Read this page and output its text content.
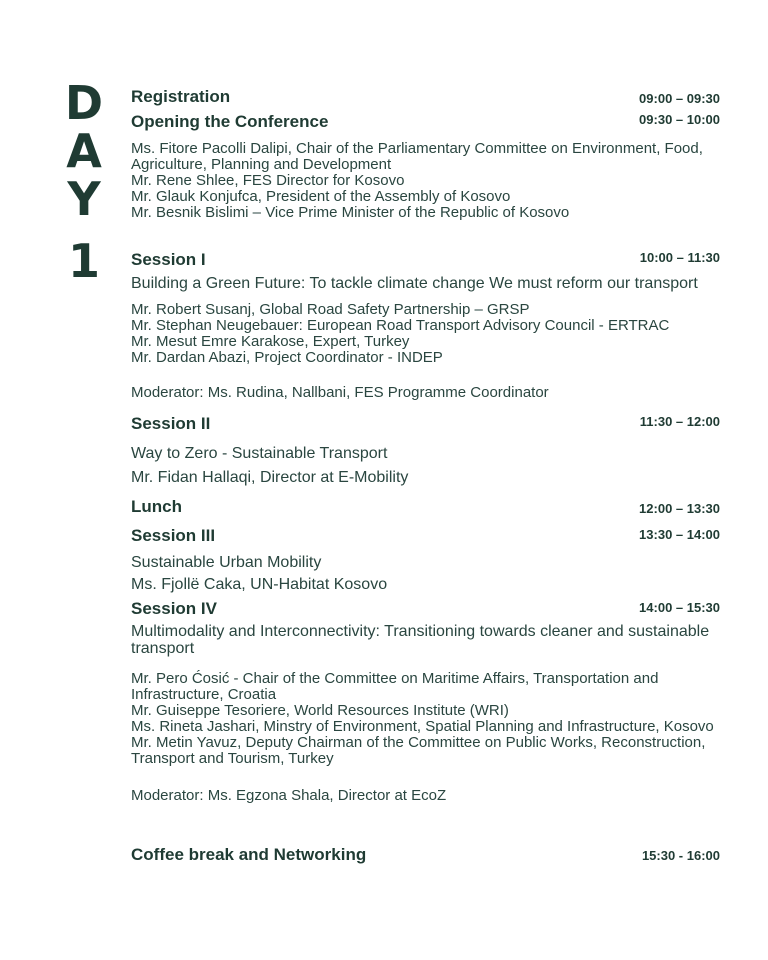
D
A
Y
1
Registration	09:00 – 09:30
Opening the Conference	09:30 – 10:00
Ms. Fitore Pacolli Dalipi, Chair of the Parliamentary Committee on Environment, Food,
Agriculture, Planning and Development
Mr. Rene Shlee, FES Director for Kosovo
Mr. Glauk Konjufca, President of the Assembly of Kosovo
Mr. Besnik Bislimi – Vice Prime Minister of the Republic of Kosovo
Session I	10:00 – 11:30
Building a Green Future: To tackle climate change We must reform our transport
Mr. Robert Susanj, Global Road Safety Partnership – GRSP
Mr. Stephan Neugebauer: European Road Transport Advisory Council - ERTRAC
Mr. Mesut Emre Karakose, Expert, Turkey
Mr. Dardan Abazi, Project Coordinator - INDEP
Moderator: Ms. Rudina, Nallbani, FES Programme Coordinator
Session II	11:30 – 12:00
Way to Zero - Sustainable Transport
Mr. Fidan Hallaqi, Director at E-Mobility
Lunch	12:00 – 13:30
Session III	13:30 – 14:00
Sustainable Urban Mobility
Ms. Fjollë Caka, UN-Habitat Kosovo
Session IV	14:00 – 15:30
Multimodality and Interconnectivity: Transitioning towards cleaner and sustainable
transport
Mr. Pero Ćosić - Chair of the Committee on Maritime Affairs, Transportation and
Infrastructure, Croatia
Mr. Guiseppe Tesoriere, World Resources Institute (WRI)
Ms. Rineta Jashari, Minstry of Environment, Spatial Planning and Infrastructure, Kosovo
Mr. Metin Yavuz, Deputy Chairman of the Committee on Public Works, Reconstruction,
Transport and Tourism, Turkey
Moderator: Ms. Egzona Shala, Director at EcoZ
Coffee break and Networking	15:30 - 16:00
